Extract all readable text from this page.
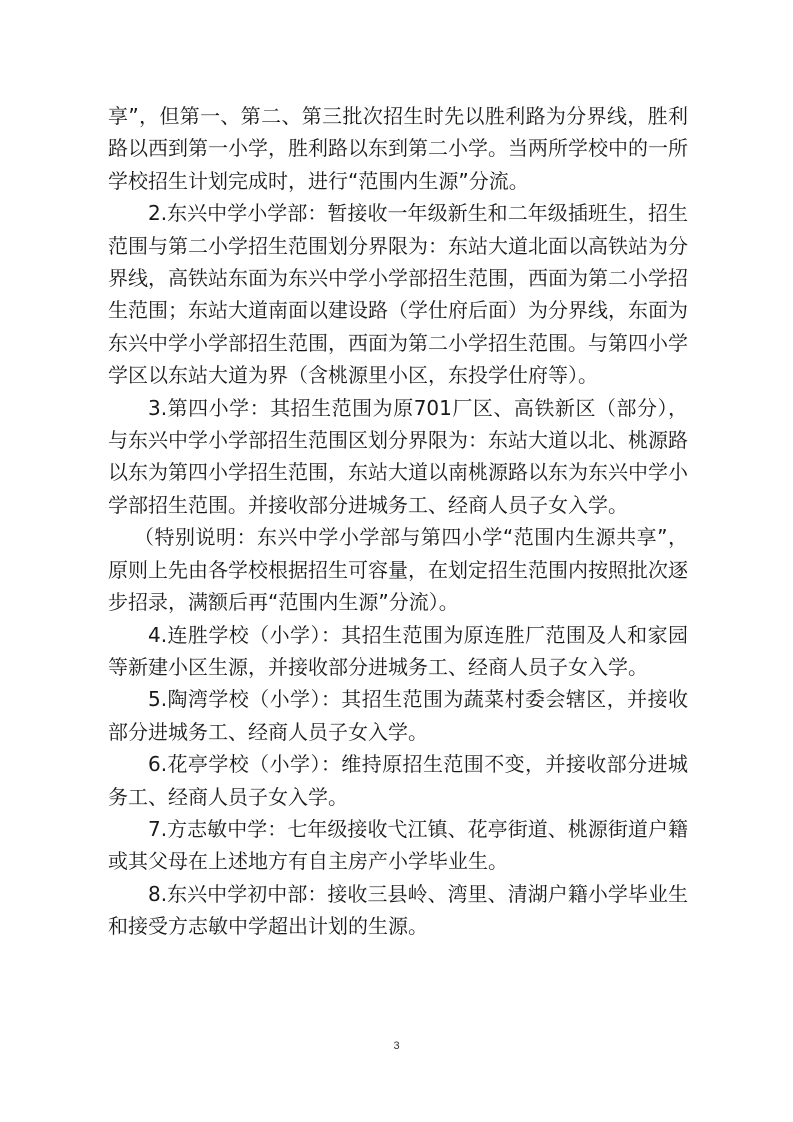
享”，但第一、第二、第三批次招生时先以胜利路为分界线，胜利路以西到第一小学，胜利路以东到第二小学。当两所学校中的一所学校招生计划完成时，进行“范围内生源”分流。

2.东兴中学小学部：暂接收一年级新生和二年级插班生，招生范围与第二小学招生范围划分界限为：东站大道北面以高铁站为分界线，高铁站东面为东兴中学小学部招生范围，西面为第二小学招生范围；东站大道南面以建设路（学仕府后面）为分界线，东面为东兴中学小学部招生范围，西面为第二小学招生范围。与第四小学学区以东站大道为界（含桃源里小区，东投学仕府等）。

3.第四小学：其招生范围为原701厂区、高铁新区（部分），与东兴中学小学部招生范围区划分界限为：东站大道以北、桃源路以东为第四小学招生范围，东站大道以南桃源路以东为东兴中学小学部招生范围。并接收部分进城务工、经商人员子女入学。

（特别说明：东兴中学小学部与第四小学“范围内生源共享”，原则上先由各学校根据招生可容量，在划定招生范围内按照批次逐步招录，满额后再“范围内生源”分流）。

4.连胜学校（小学）：其招生范围为原连胜厂范围及人和家园等新建小区生源，并接收部分进城务工、经商人员子女入学。

5.陶湾学校（小学）：其招生范围为蔬菜村委会辖区，并接收部分进城务工、经商人员子女入学。

6.花亭学校（小学）：维持原招生范围不变，并接收部分进城务工、经商人员子女入学。

7.方志敏中学：七年级接收弋江镇、花亭街道、桃源街道户籍或其父母在上述地方有自主房产小学毕业生。

8.东兴中学初中部：接收三县岭、湾里、清湖户籍小学毕业生和接受方志敏中学超出计划的生源。

3
